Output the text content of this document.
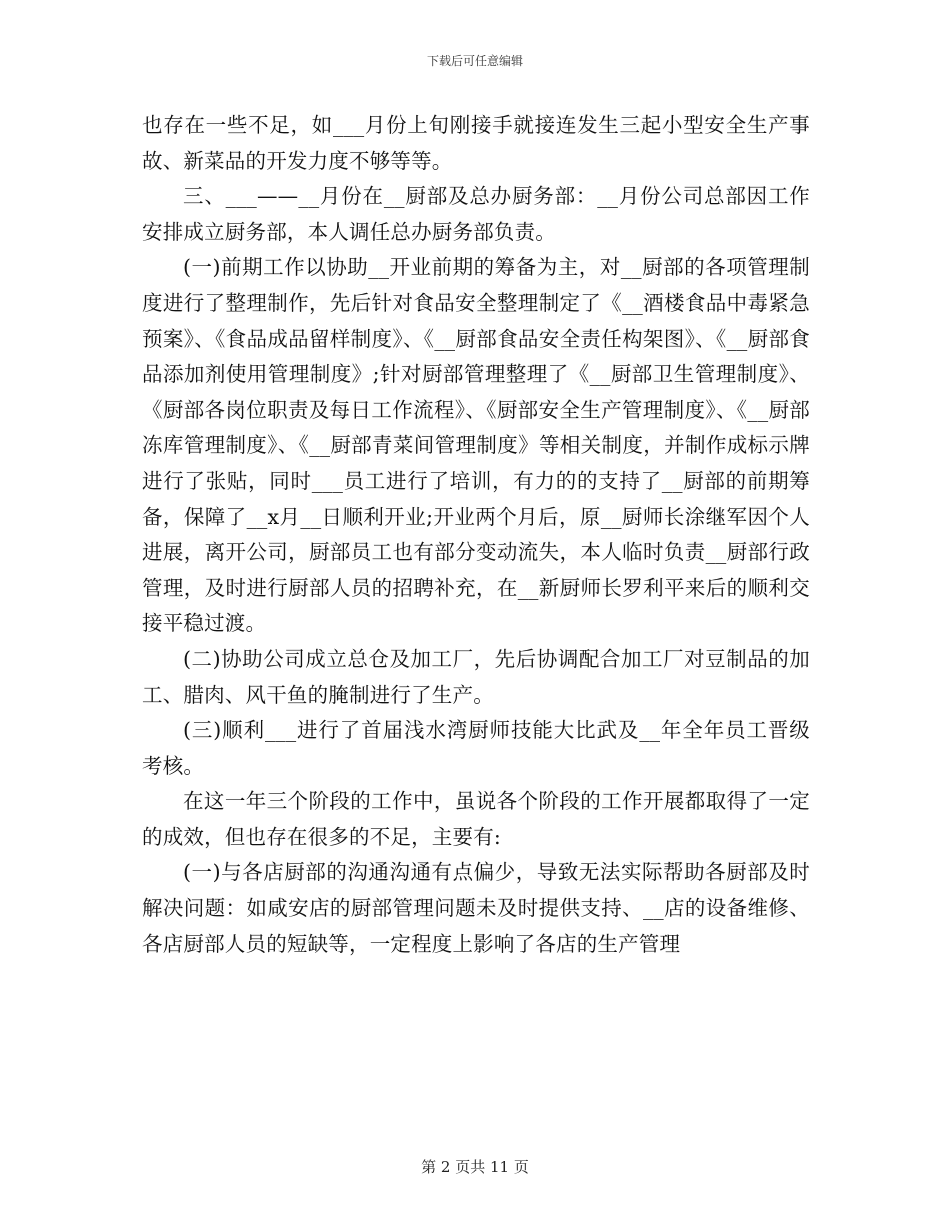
下载后可任意编辑

也存在一些不足，如___月份上旬刚接手就接连发生三起小型安全生产事故、新菜品的开发力度不够等等。

三、___——__月份在__厨部及总办厨务部：__月份公司总部因工作安排成立厨务部，本人调任总办厨务部负责。

(一)前期工作以协助__开业前期的筹备为主，对__厨部的各项管理制度进行了整理制作，先后针对食品安全整理制定了《__酒楼食品中毒紧急预案》、《食品成品留样制度》、《__厨部食品安全责任构架图》、《__厨部食品添加剂使用管理制度》;针对厨部管理整理了《__厨部卫生管理制度》、《厨部各岗位职责及每日工作流程》、《厨部安全生产管理制度》、《__厨部冻库管理制度》、《__厨部青菜间管理制度》等相关制度，并制作成标示牌进行了张贴，同时___员工进行了培训，有力的的支持了__厨部的前期筹备，保障了__x月__日顺利开业;开业两个月后，原__厨师长涂继军因个人进展，离开公司，厨部员工也有部分变动流失，本人临时负责__厨部行政管理，及时进行厨部人员的招聘补充，在__新厨师长罗利平来后的顺利交接平稳过渡。

(二)协助公司成立总仓及加工厂，先后协调配合加工厂对豆制品的加工、腊肉、风干鱼的腌制进行了生产。

(三)顺利___进行了首届浅水湾厨师技能大比武及__年全年员工晋级考核。

在这一年三个阶段的工作中，虽说各个阶段的工作开展都取得了一定的成效，但也存在很多的不足，主要有:

(一)与各店厨部的沟通沟通有点偏少，导致无法实际帮助各厨部及时解决问题：如咸安店的厨部管理问题未及时提供支持、__店的设备维修、各店厨部人员的短缺等，一定程度上影响了各店的生产管理

第 2 页共 11 页
